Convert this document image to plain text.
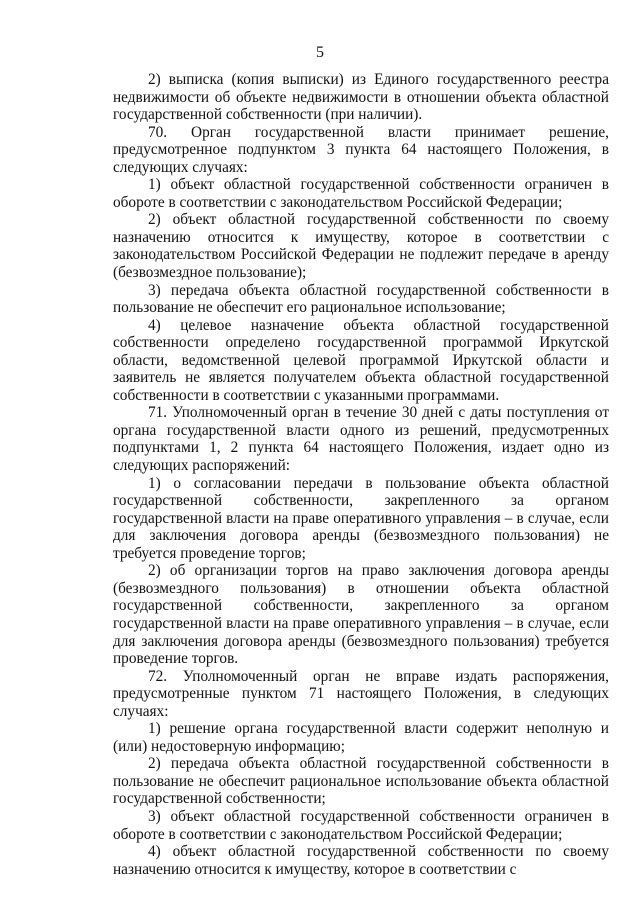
5

2) выписка (копия выписки) из Единого государственного реестра недвижимости об объекте недвижимости в отношении объекта областной государственной собственности (при наличии).

70. Орган государственной власти принимает решение, предусмотренное подпунктом 3 пункта 64 настоящего Положения, в следующих случаях:

1) объект областной государственной собственности ограничен в обороте в соответствии с законодательством Российской Федерации;

2) объект областной государственной собственности по своему назначению относится к имуществу, которое в соответствии с законодательством Российской Федерации не подлежит передаче в аренду (безвозмездное пользование);

3) передача объекта областной государственной собственности в пользование не обеспечит его рациональное использование;

4) целевое назначение объекта областной государственной собственности определено государственной программой Иркутской области, ведомственной целевой программой Иркутской области и заявитель не является получателем объекта областной государственной собственности в соответствии с указанными программами.

71. Уполномоченный орган в течение 30 дней с даты поступления от органа государственной власти одного из решений, предусмотренных подпунктами 1, 2 пункта 64 настоящего Положения, издает одно из следующих распоряжений:

1) о согласовании передачи в пользование объекта областной государственной собственности, закрепленного за органом государственной власти на праве оперативного управления – в случае, если для заключения договора аренды (безвозмездного пользования) не требуется проведение торгов;

2) об организации торгов на право заключения договора аренды (безвозмездного пользования) в отношении объекта областной государственной собственности, закрепленного за органом государственной власти на праве оперативного управления – в случае, если для заключения договора аренды (безвозмездного пользования) требуется проведение торгов.

72. Уполномоченный орган не вправе издать распоряжения, предусмотренные пунктом 71 настоящего Положения, в следующих случаях:

1) решение органа государственной власти содержит неполную и (или) недостоверную информацию;

2) передача объекта областной государственной собственности в пользование не обеспечит рациональное использование объекта областной государственной собственности;

3) объект областной государственной собственности ограничен в обороте в соответствии с законодательством Российской Федерации;

4) объект областной государственной собственности по своему назначению относится к имуществу, которое в соответствии с
